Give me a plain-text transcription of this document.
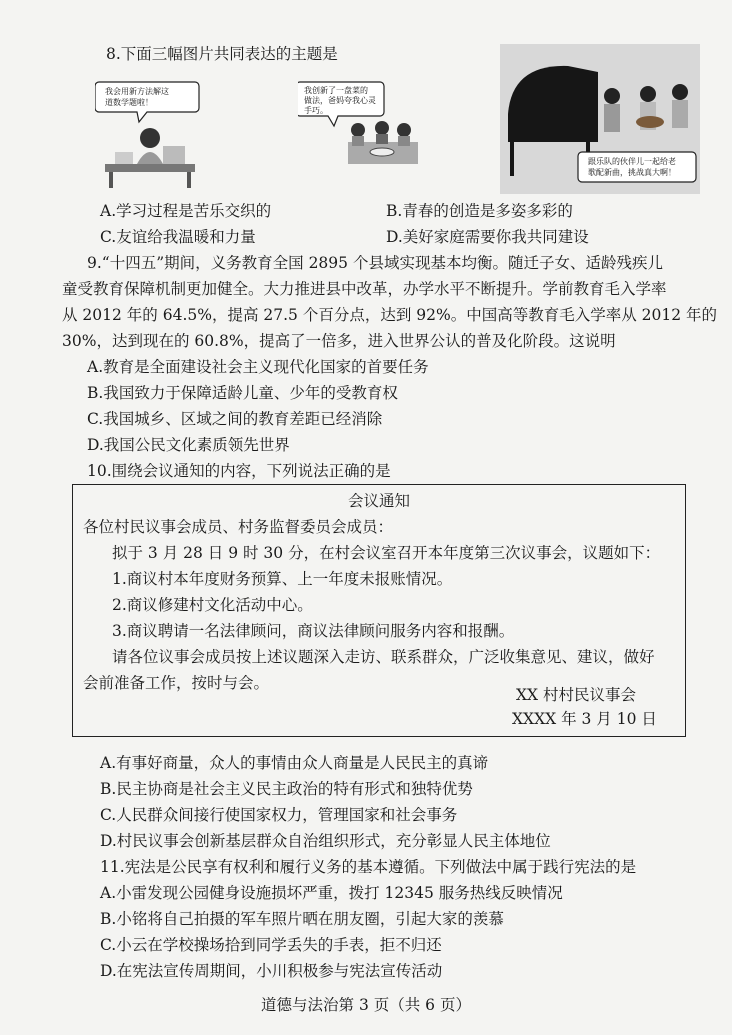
8.下面三幅图片共同表达的主题是
我会用新方法解这道数学题啦！
我创新了一盘菜的做法，爸妈夸我心灵手巧。
跟乐队的伙伴儿一起给老歌配新曲，挑战真大啊！
A.学习过程是苦乐交织的	B.青春的创造是多姿多彩的
C.友谊给我温暖和力量	D.美好家庭需要你我共同建设
9.“十四五”期间，义务教育全国 2895 个县域实现基本均衡。随迁子女、适龄残疾儿
童受教育保障机制更加健全。大力推进县中改革，办学水平不断提升。学前教育毛入学率
从 2012 年的 64.5%，提高 27.5 个百分点，达到 92%。中国高等教育毛入学率从 2012 年的
30%，达到现在的 60.8%，提高了一倍多，进入世界公认的普及化阶段。这说明
A.教育是全面建设社会主义现代化国家的首要任务
B.我国致力于保障适龄儿童、少年的受教育权
C.我国城乡、区域之间的教育差距已经消除
D.我国公民文化素质领先世界
10.围绕会议通知的内容，下列说法正确的是
会议通知
各位村民议事会成员、村务监督委员会成员：
拟于 3 月 28 日 9 时 30 分，在村会议室召开本年度第三次议事会，议题如下：
1.商议村本年度财务预算、上一年度未报账情况。
2.商议修建村文化活动中心。
3.商议聘请一名法律顾问，商议法律顾问服务内容和报酬。
请各位议事会成员按上述议题深入走访、联系群众，广泛收集意见、建议，做好
会前准备工作，按时与会。
XX 村村民议事会
XXXX 年 3 月 10 日
A.有事好商量，众人的事情由众人商量是人民民主的真谛
B.民主协商是社会主义民主政治的特有形式和独特优势
C.人民群众间接行使国家权力，管理国家和社会事务
D.村民议事会创新基层群众自治组织形式，充分彰显人民主体地位
11.宪法是公民享有权利和履行义务的基本遵循。下列做法中属于践行宪法的是
A.小雷发现公园健身设施损坏严重，拨打 12345 服务热线反映情况
B.小铭将自己拍摄的军车照片晒在朋友圈，引起大家的羡慕
C.小云在学校操场拾到同学丢失的手表，拒不归还
D.在宪法宣传周期间，小川积极参与宪法宣传活动
道德与法治第 3 页（共 6 页）
